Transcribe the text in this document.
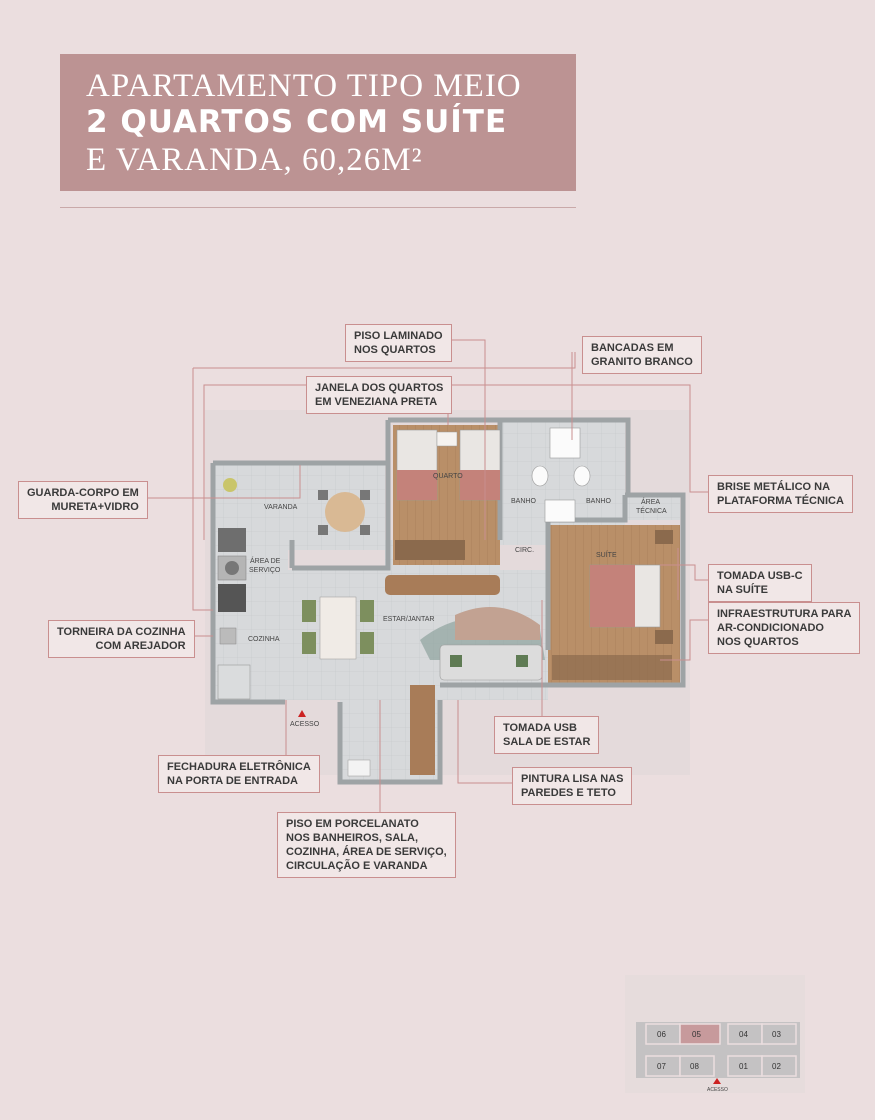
APARTAMENTO TIPO MEIO
2 QUARTOS COM SUÍTE
E VARANDA, 60,26M²
QUARTO
BANHO	BANHO	ÁREA
TÉCNICA
VARANDA
ÁREA DE
SERVIÇO
CIRC.
SUÍTE
ESTAR/JANTAR
COZINHA
ACESSO
PISO LAMINADO
NOS QUARTOS	BANCADAS EM
GRANITO BRANCO
JANELA DOS QUARTOS
EM VENEZIANA PRETA
GUARDA-CORPO EM
MURETA+VIDRO
BRISE METÁLICO NA
PLATAFORMA TÉCNICA
TOMADA USB-C
NA SUÍTE
INFRAESTRUTURA PARA
AR-CONDICIONADO
NOS QUARTOS
TORNEIRA DA COZINHA
COM AREJADOR
TOMADA USB
SALA DE ESTAR
PINTURA LISA NAS
PAREDES E TETO
FECHADURA ELETRÔNICA
NA PORTA DE ENTRADA
PISO EM PORCELANATO
NOS BANHEIROS, SALA,
COZINHA, ÁREA DE SERVIÇO,
CIRCULAÇÃO E VARANDA
06	05	04	03
07	08	01	02
ACESSO
